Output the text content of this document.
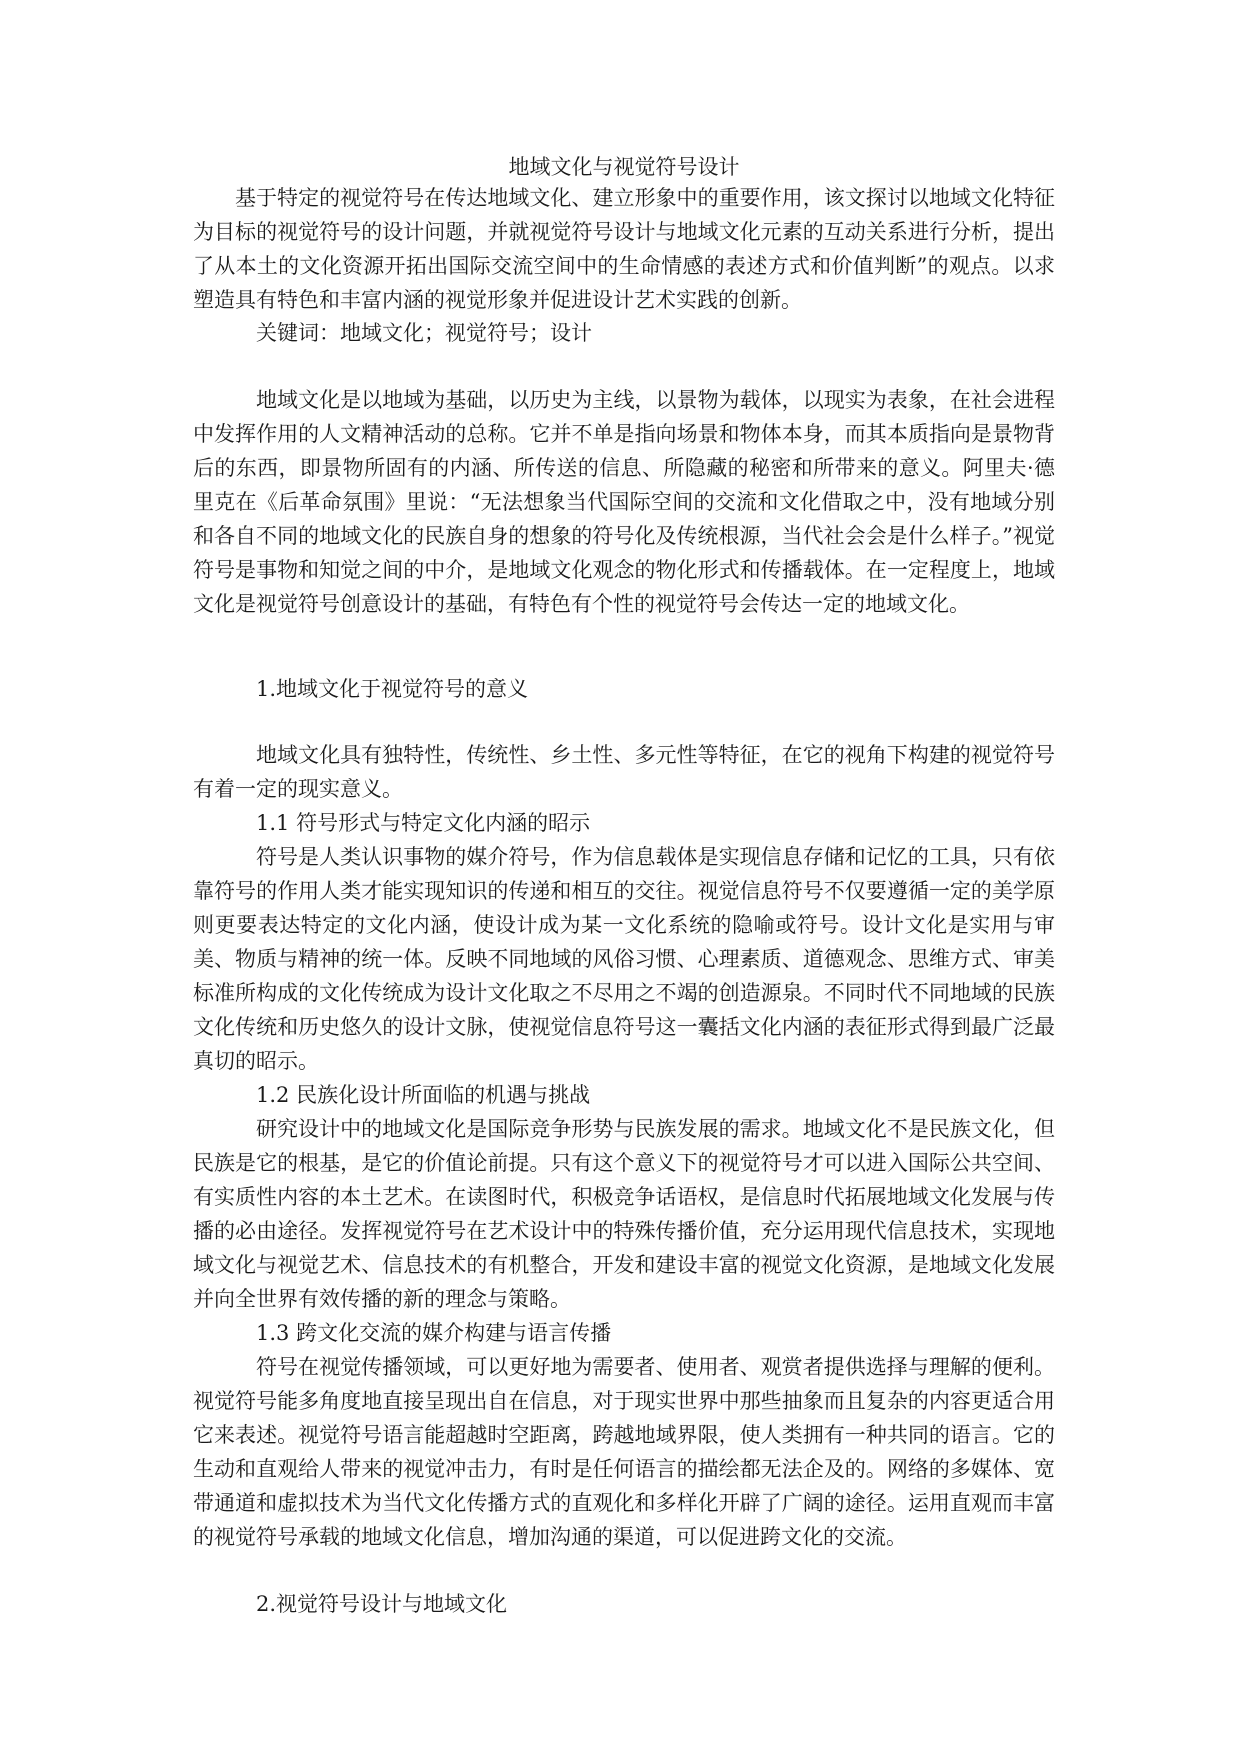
地域文化与视觉符号设计
基于特定的视觉符号在传达地域文化、建立形象中的重要作用，该文探讨以地域文化特征为目标的视觉符号的设计问题，并就视觉符号设计与地域文化元素的互动关系进行分析，提出了从本土的文化资源开拓出国际交流空间中的生命情感的表述方式和价值判断”的观点。以求塑造具有特色和丰富内涵的视觉形象并促进设计艺术实践的创新。
关键词：地域文化；视觉符号；设计
地域文化是以地域为基础，以历史为主线，以景物为载体，以现实为表象，在社会进程中发挥作用的人文精神活动的总称。它并不单是指向场景和物体本身，而其本质指向是景物背后的东西，即景物所固有的内涵、所传送的信息、所隐藏的秘密和所带来的意义。阿里夫·德里克在《后革命氛围》里说：“无法想象当代国际空间的交流和文化借取之中，没有地域分别和各自不同的地域文化的民族自身的想象的符号化及传统根源，当代社会会是什么样子。”视觉符号是事物和知觉之间的中介，是地域文化观念的物化形式和传播载体。在一定程度上，地域文化是视觉符号创意设计的基础，有特色有个性的视觉符号会传达一定的地域文化。
1.地域文化于视觉符号的意义
地域文化具有独特性，传统性、乡土性、多元性等特征，在它的视角下构建的视觉符号有着一定的现实意义。
1.1 符号形式与特定文化内涵的昭示
符号是人类认识事物的媒介符号，作为信息载体是实现信息存储和记忆的工具，只有依靠符号的作用人类才能实现知识的传递和相互的交往。视觉信息符号不仅要遵循一定的美学原则更要表达特定的文化内涵，使设计成为某一文化系统的隐喻或符号。设计文化是实用与审美、物质与精神的统一体。反映不同地域的风俗习惯、心理素质、道德观念、思维方式、审美标准所构成的文化传统成为设计文化取之不尽用之不竭的创造源泉。不同时代不同地域的民族文化传统和历史悠久的设计文脉，使视觉信息符号这一囊括文化内涵的表征形式得到最广泛最真切的昭示。
1.2 民族化设计所面临的机遇与挑战
研究设计中的地域文化是国际竞争形势与民族发展的需求。地域文化不是民族文化，但民族是它的根基，是它的价值论前提。只有这个意义下的视觉符号才可以进入国际公共空间、有实质性内容的本土艺术。在读图时代，积极竞争话语权，是信息时代拓展地域文化发展与传播的必由途径。发挥视觉符号在艺术设计中的特殊传播价值，充分运用现代信息技术，实现地域文化与视觉艺术、信息技术的有机整合，开发和建设丰富的视觉文化资源，是地域文化发展并向全世界有效传播的新的理念与策略。
1.3 跨文化交流的媒介构建与语言传播
符号在视觉传播领域，可以更好地为需要者、使用者、观赏者提供选择与理解的便利。视觉符号能多角度地直接呈现出自在信息，对于现实世界中那些抽象而且复杂的内容更适合用它来表述。视觉符号语言能超越时空距离，跨越地域界限，使人类拥有一种共同的语言。它的生动和直观给人带来的视觉冲击力，有时是任何语言的描绘都无法企及的。网络的多媒体、宽带通道和虚拟技术为当代文化传播方式的直观化和多样化开辟了广阔的途径。运用直观而丰富的视觉符号承载的地域文化信息，增加沟通的渠道，可以促进跨文化的交流。
2.视觉符号设计与地域文化
